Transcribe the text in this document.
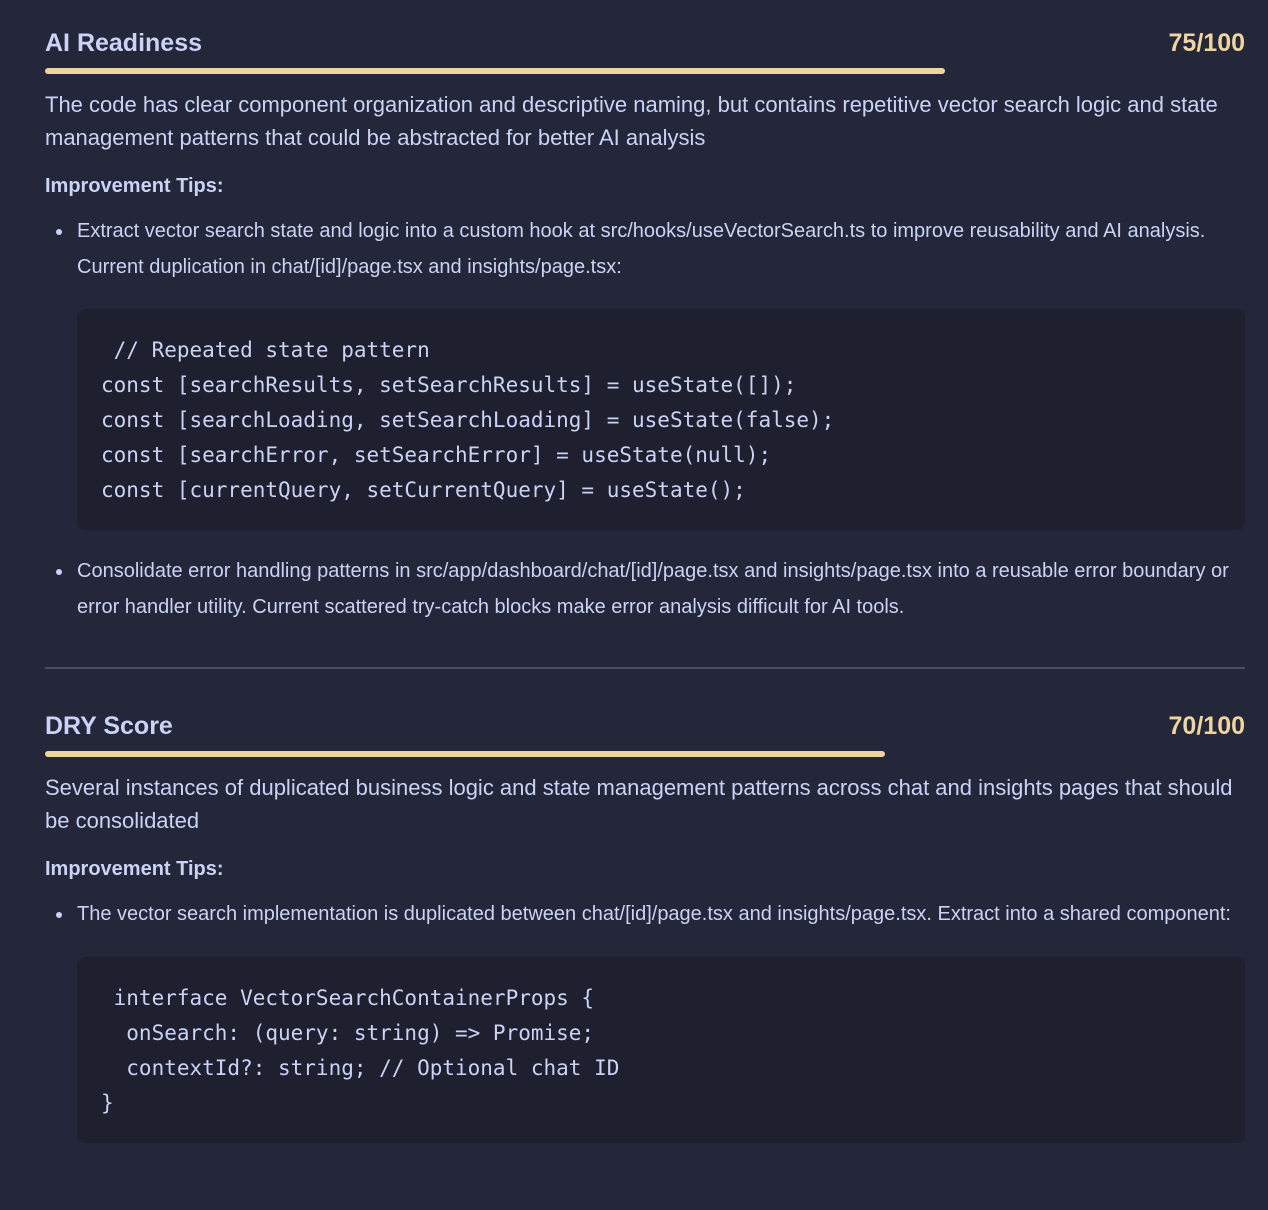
AI Readiness	75/100
The code has clear component organization and descriptive naming, but contains repetitive vector search logic and state management patterns that could be abstracted for better AI analysis
Improvement Tips:
Extract vector search state and logic into a custom hook at src/hooks/useVectorSearch.ts to improve reusability and AI analysis. Current duplication in chat/[id]/page.tsx and insights/page.tsx:
// Repeated state pattern
const [searchResults, setSearchResults] = useState([]);
const [searchLoading, setSearchLoading] = useState(false);
const [searchError, setSearchError] = useState(null);
const [currentQuery, setCurrentQuery] = useState();
Consolidate error handling patterns in src/app/dashboard/chat/[id]/page.tsx and insights/page.tsx into a reusable error boundary or error handler utility. Current scattered try-catch blocks make error analysis difficult for AI tools.
DRY Score	70/100
Several instances of duplicated business logic and state management patterns across chat and insights pages that should be consolidated
Improvement Tips:
The vector search implementation is duplicated between chat/[id]/page.tsx and insights/page.tsx. Extract into a shared component:
interface VectorSearchContainerProps {
onSearch: (query: string) => Promise;
contextId?: string; // Optional chat ID
}
